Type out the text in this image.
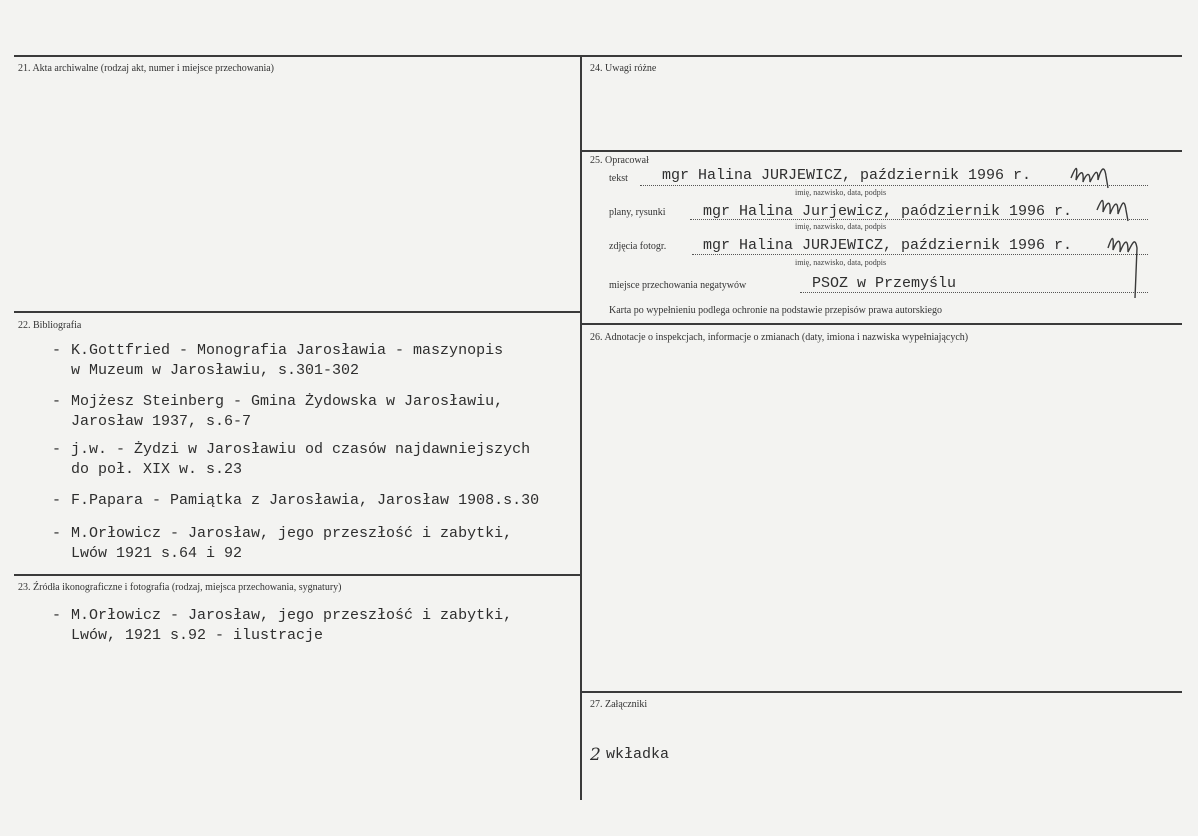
21. Akta archiwalne (rodzaj akt, numer i miejsce przechowania)
22. Bibliografia
- K.Gottfried - Monografia Jarosławia - maszynopis
w Muzeum w Jarosławiu, s.301-302
- Mojżesz Steinberg - Gmina Żydowska w Jarosławiu,
Jarosław 1937, s.6-7
- j.w. - Żydzi w Jarosławiu od czasów najdawniejszych
do poł. XIX w. s.23
- F.Papara - Pamiątka z Jarosławia, Jarosław 1908.s.30
- M.Orłowicz - Jarosław, jego przeszłość i zabytki,
Lwów 1921 s.64 i 92
23. Źródła ikonograficzne i fotografia (rodzaj, miejsca przechowania, sygnatury)
- M.Orłowicz - Jarosław, jego przeszłość i zabytki,
Lwów, 1921 s.92 - ilustracje
24. Uwagi różne
25. Opracował
tekst mgr Halina JURJEWICZ, październik 1996 r.
imię, nazwisko, data, podpis
plany, rysunki mgr Halina Jurjewicz, paódziernik 1996 r.
imię, nazwisko, data, podpis
zdjęcia fotogr. mgr Halina JURJEWICZ, październik 1996 r.
imię, nazwisko, data, podpis
miejsce przechowania negatywów	PSOZ w Przemyślu
Karta po wypełnieniu podlega ochronie na podstawie przepisów prawa autorskiego
26. Adnotacje o inspekcjach, informacje o zmianach (daty, imiona i nazwiska wypełniających)
27. Załączniki
2 wkładka
